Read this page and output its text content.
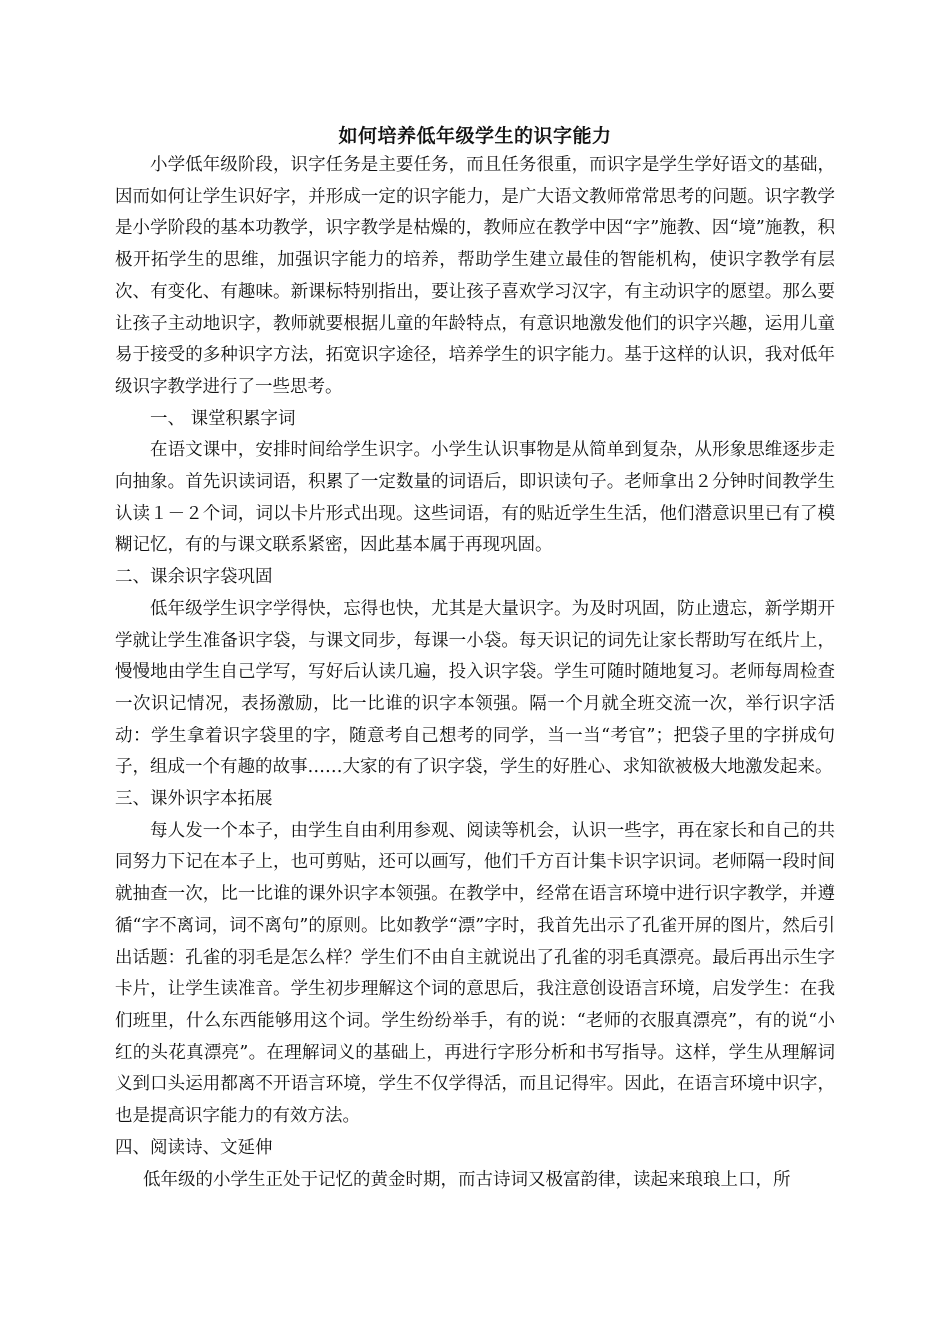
如何培养低年级学生的识字能力

小学低年级阶段，识字任务是主要任务，而且任务很重，而识字是学生学好语文的基础，因而如何让学生识好字，并形成一定的识字能力，是广大语文教师常常思考的问题。识字教学是小学阶段的基本功教学，识字教学是枯燥的，教师应在教学中因“字”施教、因“境”施教，积极开拓学生的思维，加强识字能力的培养，帮助学生建立最佳的智能机构，使识字教学有层次、有变化、有趣味。新课标特别指出，要让孩子喜欢学习汉字，有主动识字的愿望。那么要让孩子主动地识字，教师就要根据儿童的年龄特点，有意识地激发他们的识字兴趣，运用儿童易于接受的多种识字方法，拓宽识字途径，培养学生的识字能力。基于这样的认识，我对低年级识字教学进行了一些思考。

一、 课堂积累字词

在语文课中，安排时间给学生识字。小学生认识事物是从简单到复杂，从形象思维逐步走向抽象。首先识读词语，积累了一定数量的词语后，即识读句子。老师拿出２分钟时间教学生认读１－２个词，词以卡片形式出现。这些词语，有的贴近学生生活，他们潜意识里已有了模糊记忆，有的与课文联系紧密，因此基本属于再现巩固。

二、课余识字袋巩固

低年级学生识字学得快，忘得也快，尤其是大量识字。为及时巩固，防止遗忘，新学期开学就让学生准备识字袋，与课文同步，每课一小袋。每天识记的词先让家长帮助写在纸片上，慢慢地由学生自己学写，写好后认读几遍，投入识字袋。学生可随时随地复习。老师每周检查一次识记情况，表扬激励，比一比谁的识字本领强。隔一个月就全班交流一次，举行识字活动：学生拿着识字袋里的字，随意考自己想考的同学，当一当“考官”；把袋子里的字拼成句子，组成一个有趣的故事……大家的有了识字袋，学生的好胜心、求知欲被极大地激发起来。

三、课外识字本拓展

每人发一个本子，由学生自由利用参观、阅读等机会，认识一些字，再在家长和自己的共同努力下记在本子上，也可剪贴，还可以画写，他们千方百计集卡识字识词。老师隔一段时间就抽查一次，比一比谁的课外识字本领强。在教学中，经常在语言环境中进行识字教学，并遵循“字不离词，词不离句”的原则。比如教学“漂”字时，我首先出示了孔雀开屏的图片，然后引出话题：孔雀的羽毛是怎么样？学生们不由自主就说出了孔雀的羽毛真漂亮。最后再出示生字卡片，让学生读准音。学生初步理解这个词的意思后，我注意创设语言环境，启发学生：在我们班里，什么东西能够用这个词。学生纷纷举手，有的说：“老师的衣服真漂亮”，有的说“小红的头花真漂亮”。在理解词义的基础上，再进行字形分析和书写指导。这样，学生从理解词义到口头运用都离不开语言环境，学生不仅学得活，而且记得牢。因此，在语言环境中识字，也是提高识字能力的有效方法。

四、阅读诗、文延伸

低年级的小学生正处于记忆的黄金时期，而古诗词又极富韵律，读起来琅琅上口，所
